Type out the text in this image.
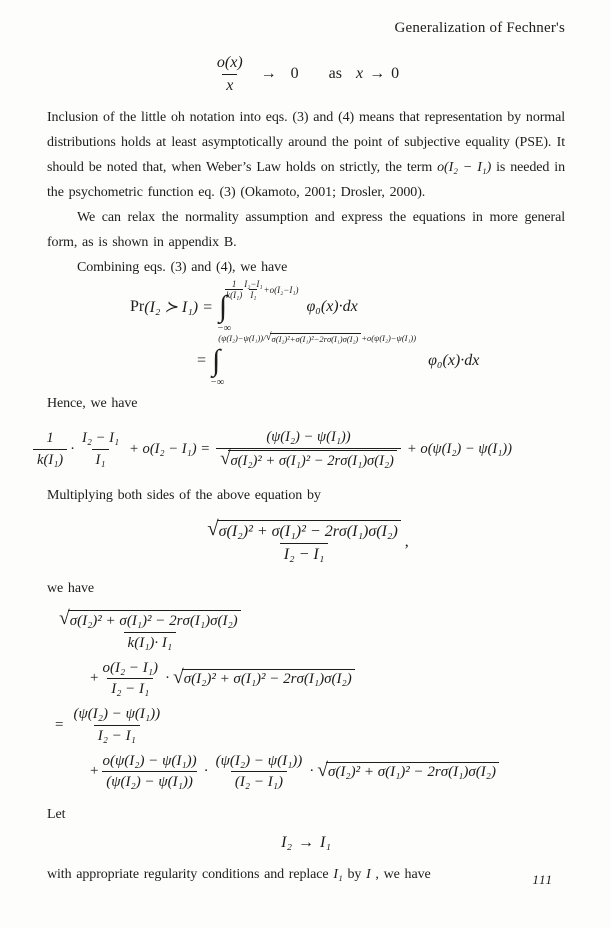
Generalization of Fechner's
$\frac{o(x)}{x} \to 0$ as x → 0

Inclusion of the little oh notation into eqs. (3) and (4) means that representation by normal distributions holds at least asymptotically around the point of subjective equality (PSE). It should be noted that, when Weber’s Law holds on strictly, the term o(I₂ − I₁) is needed in the psychometric function eq. (3) (Okamoto, 2001; Drosler, 2000).

We can relax the normality assumption and express the equations in more general form, as is shown in appendix B.

Combining eqs. (3) and (4), we have

Pr (I₂ ≻ I₁) = ∫
$\frac{1}{\text{k(I₁)}} \frac{\text{I₂−I₁}}{\text{I₁}} +o(I_2-I_1)$
−∞
φ₀(x)·dx
= ∫
(ψ(I₂)−ψ(I₁))/ √ σ(I₂)²+σ(I₁)²−2rσ(I₁)σ(I₂) +o(ψ(I₂)−ψ(I₁))
−∞
φ₀(x)·dx

Hence, we have

$\frac{1}{\text{k(I₁)}} \cdot \frac{\text{I₂ − I₁}}{\text{I₁}} + o(I_2 - I_1) = \frac{\text{(ψ(I₂) − ψ(I₁))}}{\text{√ σ(I₂)² + σ(I₁)² − 2rσ(I₁)σ(I₂)}} + o(\psi(I_2) - \psi(I_1))$

Multiplying both sides of the above equation by

$\frac{\text{√ σ(I₂)² + σ(I₁)² − 2rσ(I₁)σ(I₂)}}{\text{I₂ − I₁}}$ ,

we have

$\frac{\text{√ σ(I₂)² + σ(I₁)² − 2rσ(I₁)σ(I₂)}}{\text{k(I₁)· I₁}}$
+ $\frac{\text{o(I₂ − I₁)}}{\text{I₂ − I₁}}$ · √ σ(I₂)² + σ(I₁)² − 2rσ(I₁)σ(I₂)
= $\frac{\text{(ψ(I₂) − ψ(I₁))}}{\text{I₂ − I₁}}$
+ $\frac{\text{o(ψ(I₂) − ψ(I₁))}}{\text{(ψ(I₂) − ψ(I₁))}} \cdot \frac{\text{(ψ(I₂) − ψ(I₁))}}{\text{(I₂ − I₁)}}$ · √ σ(I₂)² + σ(I₁)² − 2rσ(I₁)σ(I₂)

Let

I₂ → I₁

with appropriate regularity conditions and replace I₁ by I , we have	111
